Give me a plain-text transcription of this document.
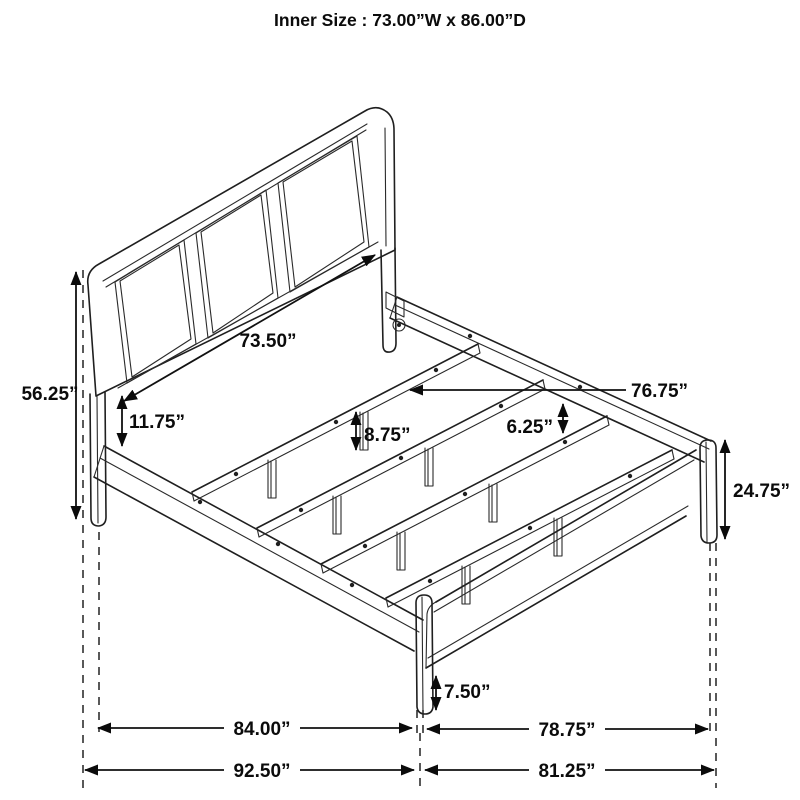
Inner Size : 73.00”W x 86.00”D
73.50”
76.75”
56.25”
11.75”
8.75”	6.25”
24.75”
7.50”
84.00”
92.50”
78.75”
81.25”
